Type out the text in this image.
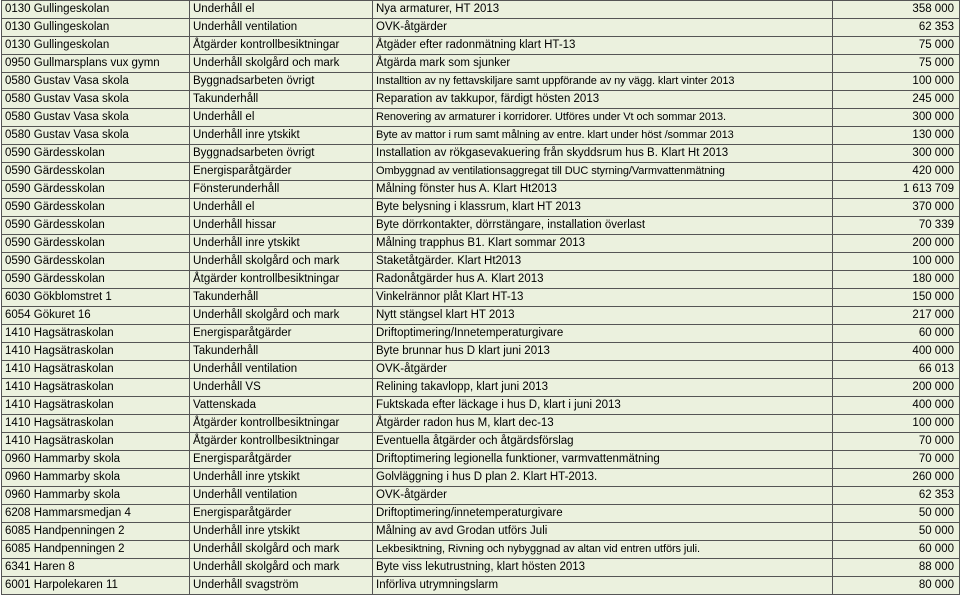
0130 Gullingeskolan	Underhåll el	Nya armaturer, HT 2013	358 000
0130 Gullingeskolan	Underhåll ventilation	OVK-åtgärder	62 353
0130 Gullingeskolan	Åtgärder kontrollbesiktningar	Åtgäder efter radonmätning klart HT-13	75 000
0950 Gullmarsplans vux gymn	Underhåll skolgård och mark	Åtgärda mark som sjunker	75 000
0580 Gustav Vasa skola	Byggnadsarbeten övrigt	Installtion av ny fettavskiljare samt uppförande av ny vägg. klart vinter 2013	100 000
0580 Gustav Vasa skola	Takunderhåll	Reparation av takkupor, färdigt hösten 2013	245 000
0580 Gustav Vasa skola	Underhåll el	Renovering av armaturer i korridorer. Utföres under Vt och sommar 2013.	300 000
0580 Gustav Vasa skola	Underhåll inre ytskikt	Byte av mattor i rum samt målning av entre. klart under höst /sommar 2013	130 000
0590 Gärdesskolan	Byggnadsarbeten övrigt	Installation av rökgasevakuering från skyddsrum hus B. Klart Ht 2013	300 000
0590 Gärdesskolan	Energisparåtgärder	Ombyggnad av ventilationsaggregat till DUC styrning/Varmvattenmätning	420 000
0590 Gärdesskolan	Fönsterunderhåll	Målning fönster hus A. Klart Ht2013	1 613 709
0590 Gärdesskolan	Underhåll el	Byte belysning i klassrum, klart HT 2013	370 000
0590 Gärdesskolan	Underhåll hissar	Byte dörrkontakter, dörrstängare, installation överlast	70 339
0590 Gärdesskolan	Underhåll inre ytskikt	Målning trapphus B1. Klart sommar 2013	200 000
0590 Gärdesskolan	Underhåll skolgård och mark	Staketåtgärder. Klart Ht2013	100 000
0590 Gärdesskolan	Åtgärder kontrollbesiktningar	Radonåtgärder hus A. Klart 2013	180 000
6030 Gökblomstret 1	Takunderhåll	Vinkelrännor plåt Klart HT-13	150 000
6054 Gökuret 16	Underhåll skolgård och mark	Nytt stängsel klart HT 2013	217 000
1410 Hagsätraskolan	Energisparåtgärder	Driftoptimering/Innetemperaturgivare	60 000
1410 Hagsätraskolan	Takunderhåll	Byte brunnar hus D klart juni 2013	400 000
1410 Hagsätraskolan	Underhåll ventilation	OVK-åtgärder	66 013
1410 Hagsätraskolan	Underhåll VS	Relining takavlopp, klart juni 2013	200 000
1410 Hagsätraskolan	Vattenskada	Fuktskada efter läckage i hus D, klart i juni 2013	400 000
1410 Hagsätraskolan	Åtgärder kontrollbesiktningar	Åtgärder radon hus M, klart dec-13	100 000
1410 Hagsätraskolan	Åtgärder kontrollbesiktningar	Eventuella åtgärder och åtgärdsförslag	70 000
0960 Hammarby skola	Energisparåtgärder	Driftoptimering legionella funktioner, varmvattenmätning	70 000
0960 Hammarby skola	Underhåll inre ytskikt	Golvläggning i hus D plan 2. Klart HT-2013.	260 000
0960 Hammarby skola	Underhåll ventilation	OVK-åtgärder	62 353
6208 Hammarsmedjan 4	Energisparåtgärder	Driftoptimering/innetemperaturgivare	50 000
6085 Handpenningen 2	Underhåll inre ytskikt	Målning av avd Grodan utförs Juli	50 000
6085 Handpenningen 2	Underhåll skolgård och mark	Lekbesiktning, Rivning och nybyggnad av altan vid entren utförs juli.	60 000
6341 Haren 8	Underhåll skolgård och mark	Byte viss lekutrustning, klart hösten 2013	88 000
6001 Harpolekaren 11	Underhåll svagström	Införliva utrymningslarm	80 000
